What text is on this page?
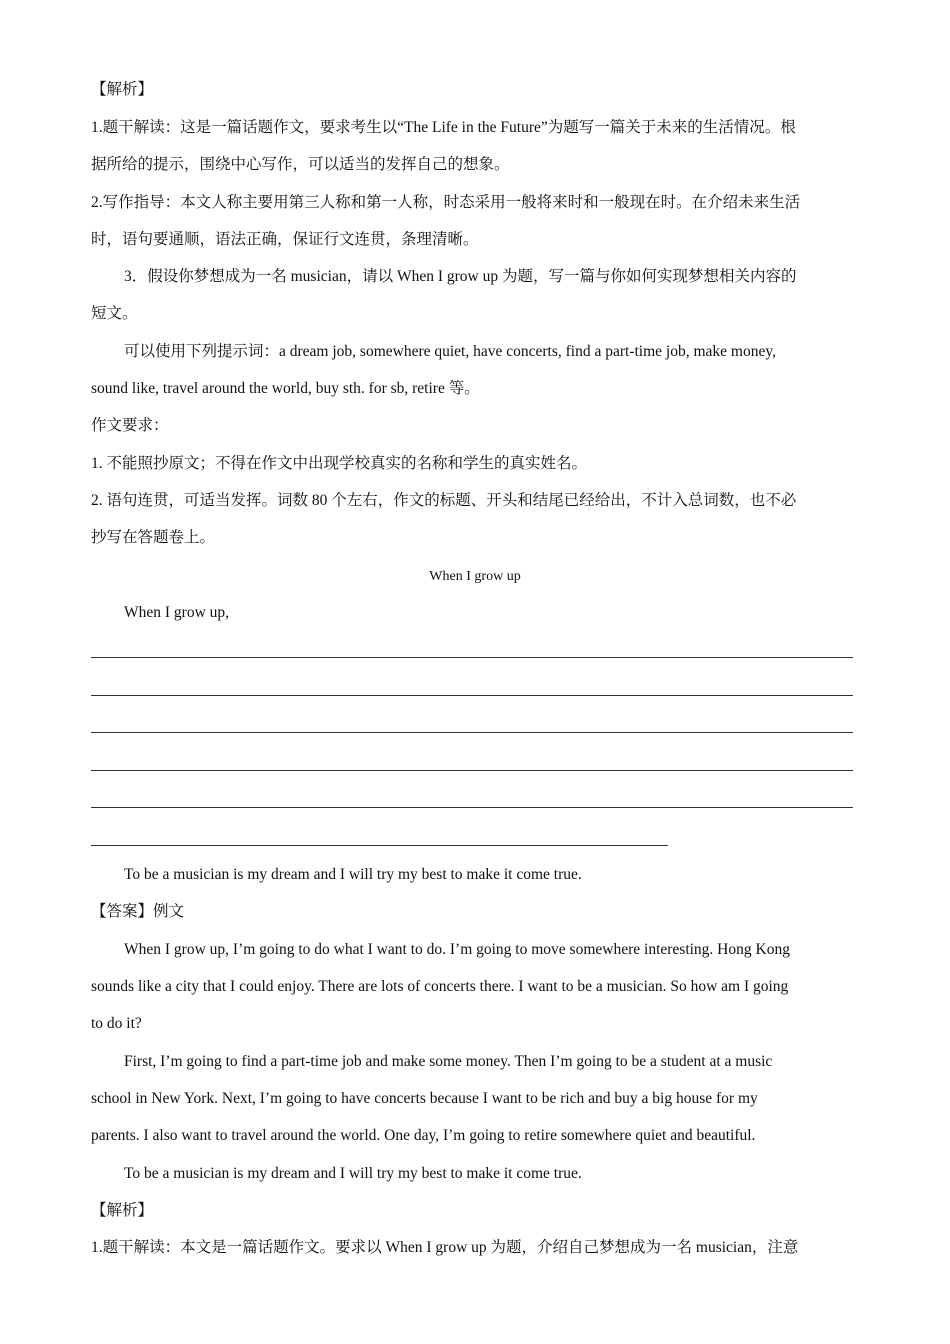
【解析】
1.题干解读：这是一篇话题作文，要求考生以“The Life in the Future”为题写一篇关于未来的生活情况。根
据所给的提示，围绕中心写作，可以适当的发挥自己的想象。
2.写作指导：本文人称主要用第三人称和第一人称，时态采用一般将来时和一般现在时。在介绍未来生活
时，语句要通顺，语法正确，保证行文连贯，条理清晰。
3．假设你梦想成为一名 musician，请以 When I grow up 为题，写一篇与你如何实现梦想相关内容的
短文。
可以使用下列提示词：a dream job, somewhere quiet, have concerts, find a part-time job, make money,
sound like, travel around the world, buy sth. for sb, retire 等。
作文要求：
1. 不能照抄原文；不得在作文中出现学校真实的名称和学生的真实姓名。
2. 语句连贯，可适当发挥。词数 80 个左右，作文的标题、开头和结尾已经给出，不计入总词数，也不必
抄写在答题卷上。
When I grow up
When I grow up,
To be a musician is my dream and I will try my best to make it come true.
【答案】例文
When I grow up, I’m going to do what I want to do. I’m going to move somewhere interesting. Hong Kong
sounds like a city that I could enjoy. There are lots of concerts there. I want to be a musician. So how am I going
to do it?
First, I’m going to find a part-time job and make some money. Then I’m going to be a student at a music
school in New York. Next, I’m going to have concerts because I want to be rich and buy a big house for my
parents. I also want to travel around the world. One day, I’m going to retire somewhere quiet and beautiful.
To be a musician is my dream and I will try my best to make it come true.
【解析】
1.题干解读：本文是一篇话题作文。要求以 When I grow up 为题，介绍自己梦想成为一名 musician，注意
